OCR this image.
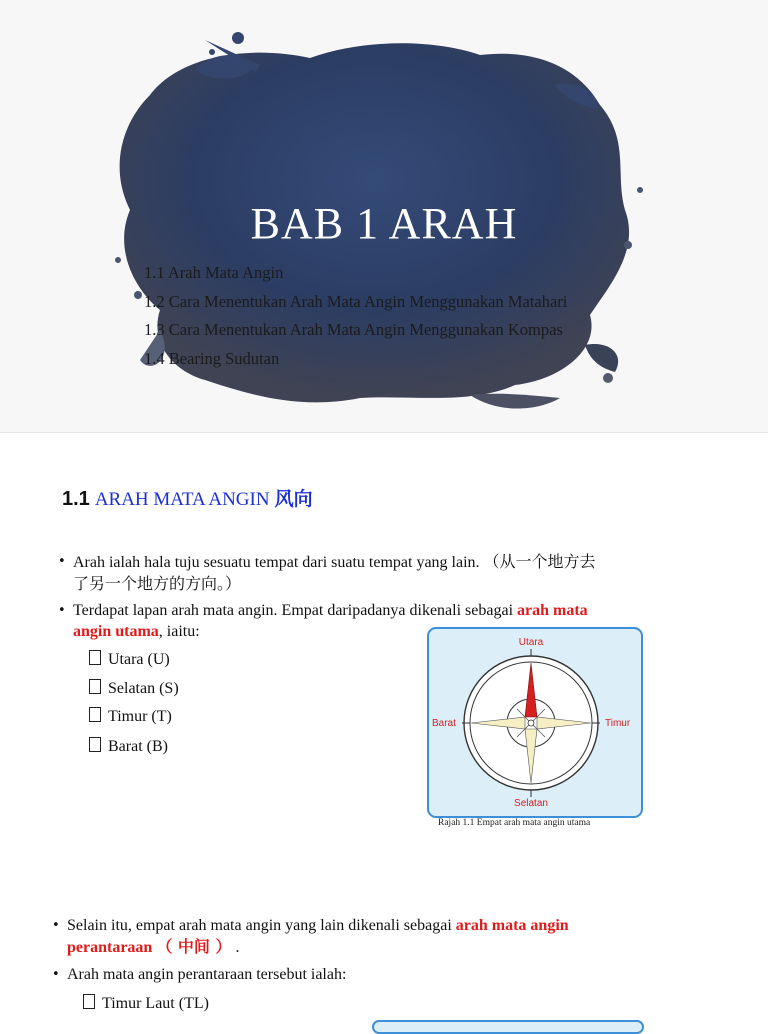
BAB 1 ARAH
1.1 Arah Mata Angin
1.2 Cara Menentukan Arah Mata Angin Menggunakan Matahari
1.3 Cara Menentukan Arah Mata Angin Menggunakan Kompas
1.4 Bearing Sudutan
1.1 ARAH MATA ANGIN 风向
• Arah ialah hala tuju sesuatu tempat dari suatu tempat yang lain. （从一个地方去
了另一个地方的方向。）
• Terdapat lapan arah mata angin. Empat daripadanya dikenali sebagai arah mata
angin utama, iaitu:
Utara (U)
Selatan (S)
Timur (T)
Barat (B)
Utara
Selatan
Barat	Timur
Rajah 1.1 Empat arah mata angin utama
• Selain itu, empat arah mata angin yang lain dikenali sebagai arah mata angin
perantaraan （ 中间 ） .
• Arah mata angin perantaraan tersebut ialah:
Timur Laut (TL)
